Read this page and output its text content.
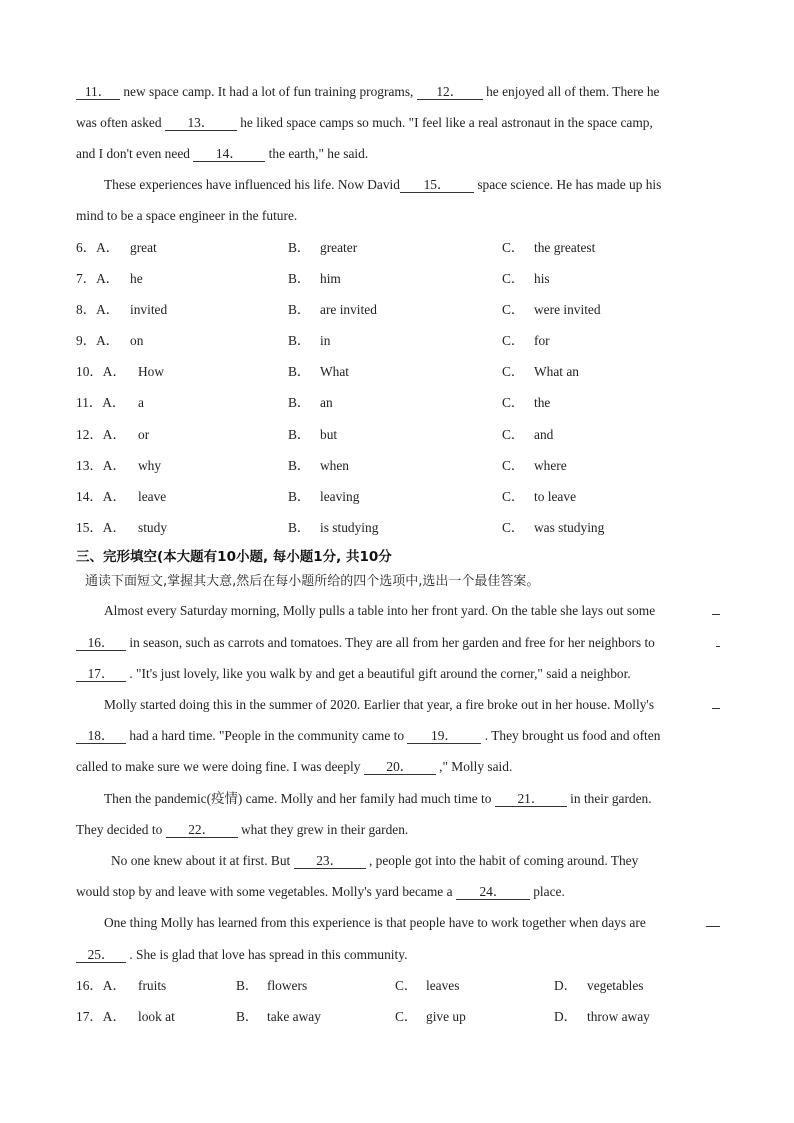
11． new space camp. It had a lot of fun training programs, 12． he enjoyed all of them. There he
was often asked 13． he liked space camps so much. "I feel like a real astronaut in the space camp,
and I don't even need 14． the earth," he said.
These experiences have influenced his life. Now David 15． space science. He has made up his
mind to be a space engineer in the future.
6．A． great	B． greater	C． the greatest
7．A． he	B． him	C． his
8．A． invited	B． are invited	C． were invited
9．A． on	B． in	C． for
10．A． How	B． What	C． What an
11．A． a	B． an	C． the
12．A． or	B． but	C． and
13．A． why	B． when	C． where
14．A． leave	B． leaving	C． to leave
15．A． study	B． is studying	C． was studying
三、完形填空(本大题有10小题, 每小题1分, 共10分
通读下面短文,掌握其大意,然后在每小题所给的四个选项中,选出一个最佳答案。
Almost every Saturday morning, Molly pulls a table into her front yard. On the table she lays out some
16． in season, such as carrots and tomatoes. They are all from her garden and free for her neighbors to
17． . "It's just lovely, like you walk by and get a beautiful gift around the corner," said a neighbor.
Molly started doing this in the summer of 2020. Earlier that year, a fire broke out in her house. Molly's
18． had a hard time. "People in the community came to 19． . They brought us food and often
called to make sure we were doing fine. I was deeply 20． ," Molly said.
Then the pandemic(疫情) came. Molly and her family had much time to 21． in their garden.
They decided to 22． what they grew in their garden.
No one knew about it at first. But 23． , people got into the habit of coming around. They
would stop by and leave with some vegetables. Molly's yard became a 24． place.
One thing Molly has learned from this experience is that people have to work together when days are
25． . She is glad that love has spread in this community.
16．A． fruits	B． flowers	C． leaves	D． vegetables
17．A． look at	B． take away	C． give up	D． throw away
